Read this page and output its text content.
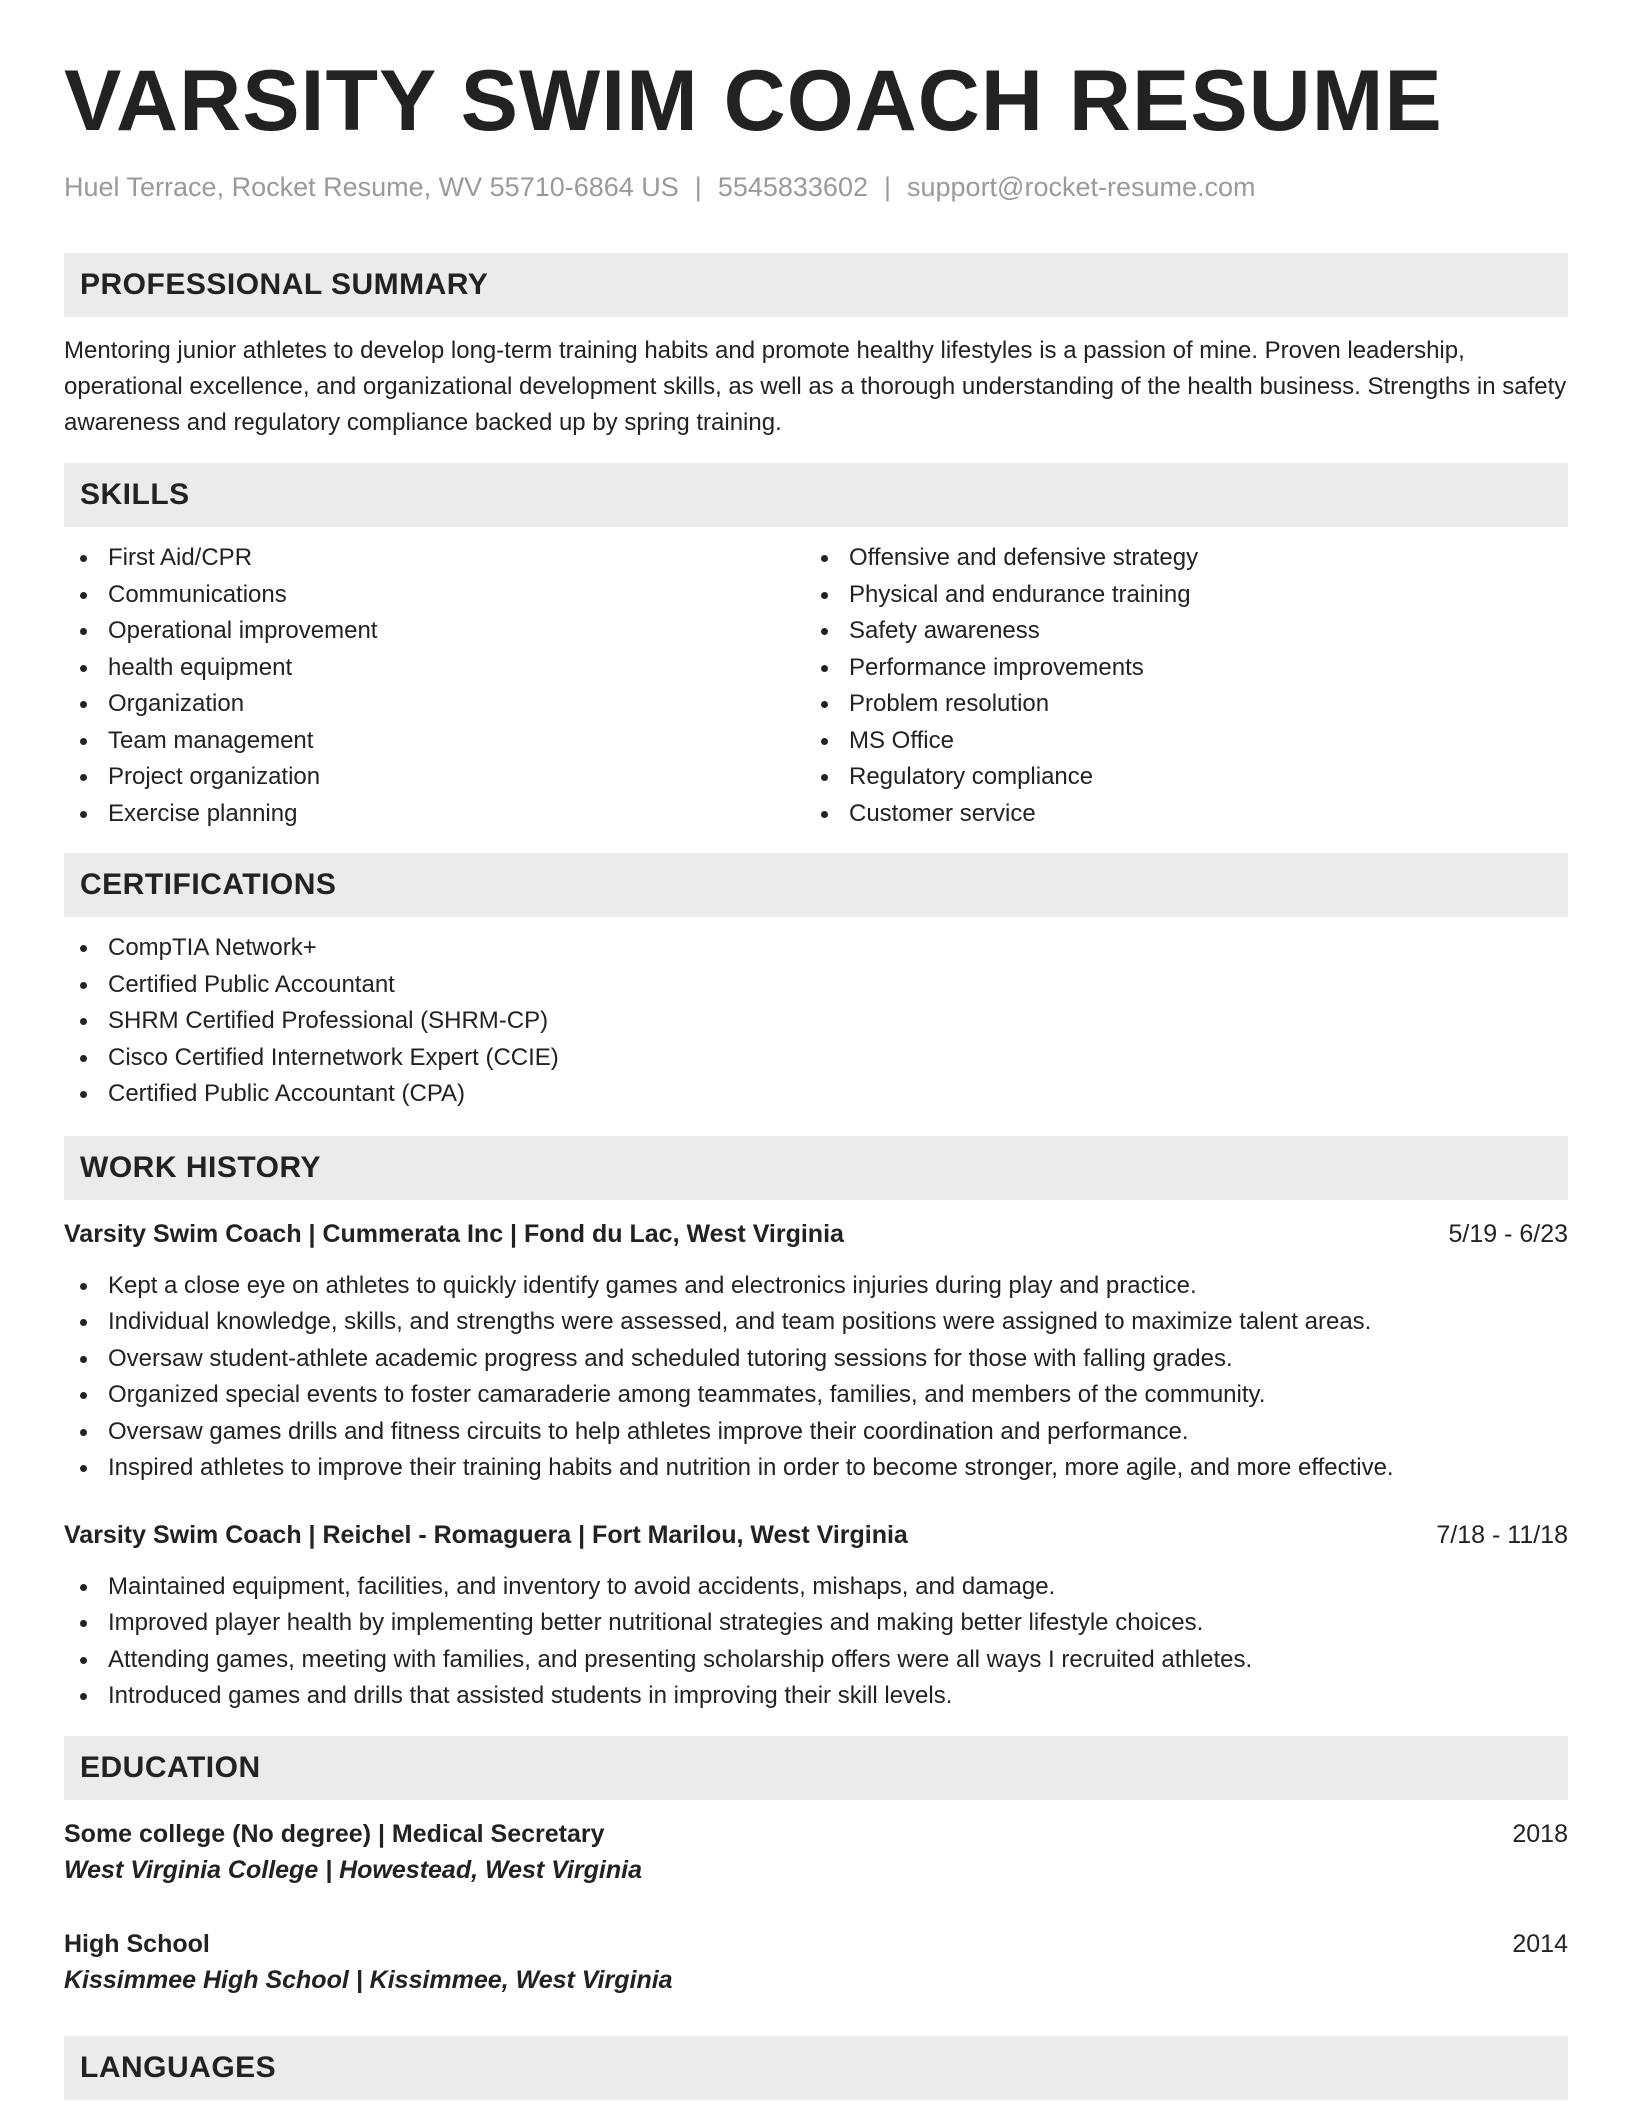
VARSITY SWIM COACH RESUME
Huel Terrace, Rocket Resume, WV 55710-6864 US | 5545833602 | support@rocket-resume.com
PROFESSIONAL SUMMARY

Mentoring junior athletes to develop long-term training habits and promote healthy lifestyles is a passion of mine. Proven leadership, operational excellence, and organizational development skills, as well as a thorough understanding of the health business. Strengths in safety awareness and regulatory compliance backed up by spring training.

SKILLS
First Aid/CPR
Communications
Operational improvement
health equipment
Organization
Team management
Project organization
Exercise planning
Offensive and defensive strategy
Physical and endurance training
Safety awareness
Performance improvements
Problem resolution
MS Office
Regulatory compliance
Customer service
CERTIFICATIONS
CompTIA Network+
Certified Public Accountant
SHRM Certified Professional (SHRM-CP)
Cisco Certified Internetwork Expert (CCIE)
Certified Public Accountant (CPA)
WORK HISTORY
Varsity Swim Coach | Cummerata Inc | Fond du Lac, West Virginia	5/19 - 6/23
Kept a close eye on athletes to quickly identify games and electronics injuries during play and practice.
Individual knowledge, skills, and strengths were assessed, and team positions were assigned to maximize talent areas.
Oversaw student-athlete academic progress and scheduled tutoring sessions for those with falling grades.
Organized special events to foster camaraderie among teammates, families, and members of the community.
Oversaw games drills and fitness circuits to help athletes improve their coordination and performance.
Inspired athletes to improve their training habits and nutrition in order to become stronger, more agile, and more effective.
Varsity Swim Coach | Reichel - Romaguera | Fort Marilou, West Virginia	7/18 - 11/18
Maintained equipment, facilities, and inventory to avoid accidents, mishaps, and damage.
Improved player health by implementing better nutritional strategies and making better lifestyle choices.
Attending games, meeting with families, and presenting scholarship offers were all ways I recruited athletes.
Introduced games and drills that assisted students in improving their skill levels.
EDUCATION
Some college (No degree) | Medical Secretary	2018
West Virginia College | Howestead, West Virginia
High School	2014
Kissimmee High School | Kissimmee, West Virginia
LANGUAGES
